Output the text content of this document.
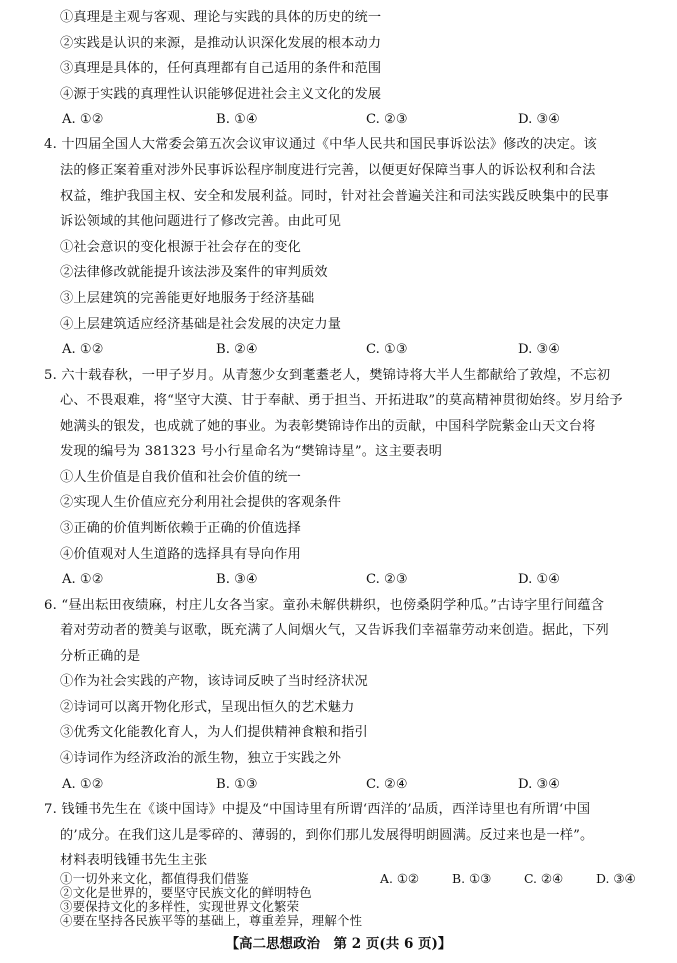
①真理是主观与客观、理论与实践的具体的历史的统一
②实践是认识的来源，是推动认识深化发展的根本动力
③真理是具体的，任何真理都有自己适用的条件和范围
④源于实践的真理性认识能够促进社会主义文化的发展
A. ①②	B. ①④	C. ②③	D. ③④
4. 十四届全国人大常委会第五次会议审议通过《中华人民共和国民事诉讼法》修改的决定。该
法的修正案着重对涉外民事诉讼程序制度进行完善，以便更好保障当事人的诉讼权利和合法
权益，维护我国主权、安全和发展利益。同时，针对社会普遍关注和司法实践反映集中的民事
诉讼领域的其他问题进行了修改完善。由此可见
①社会意识的变化根源于社会存在的变化
②法律修改就能提升该法涉及案件的审判质效
③上层建筑的完善能更好地服务于经济基础
④上层建筑适应经济基础是社会发展的决定力量
A. ①②	B. ②④	C. ①③	D. ③④
5. 六十载春秋，一甲子岁月。从青葱少女到耄耋老人，樊锦诗将大半人生都献给了敦煌，不忘初
心、不畏艰难，将“坚守大漠、甘于奉献、勇于担当、开拓进取”的莫高精神贯彻始终。岁月给予
她满头的银发，也成就了她的事业。为表彰樊锦诗作出的贡献，中国科学院紫金山天文台将
发现的编号为 381323 号小行星命名为“樊锦诗星”。这主要表明
①人生价值是自我价值和社会价值的统一
②实现人生价值应充分利用社会提供的客观条件
③正确的价值判断依赖于正确的价值选择
④价值观对人生道路的选择具有导向作用
A. ①②	B. ③④	C. ②③	D. ①④
6. “昼出耘田夜绩麻，村庄儿女各当家。童孙未解供耕织，也傍桑阴学种瓜。”古诗字里行间蕴含
着对劳动者的赞美与讴歌，既充满了人间烟火气，又告诉我们幸福靠劳动来创造。据此，下列
分析正确的是
①作为社会实践的产物，该诗词反映了当时经济状况
②诗词可以离开物化形式，呈现出恒久的艺术魅力
③优秀文化能教化育人，为人们提供精神食粮和指引
④诗词作为经济政治的派生物，独立于实践之外
A. ①②	B. ①③	C. ②④	D. ③④
7. 钱锺书先生在《谈中国诗》中提及“中国诗里有所谓‘西洋的’品质，西洋诗里也有所谓‘中国
的’成分。在我们这儿是零碎的、薄弱的，到你们那儿发展得明朗圆满。反过来也是一样”。
材料表明钱锺书先生主张
①一切外来文化，都值得我们借鉴
【高二思想政治　第 2 页(共 6 页)】
②文化是世界的，要坚守民族文化的鲜明特色
③要保持文化的多样性，实现世界文化繁荣
④要在坚持各民族平等的基础上，尊重差异，理解个性
A. ①②	B. ①③	C. ②④	D. ③④
